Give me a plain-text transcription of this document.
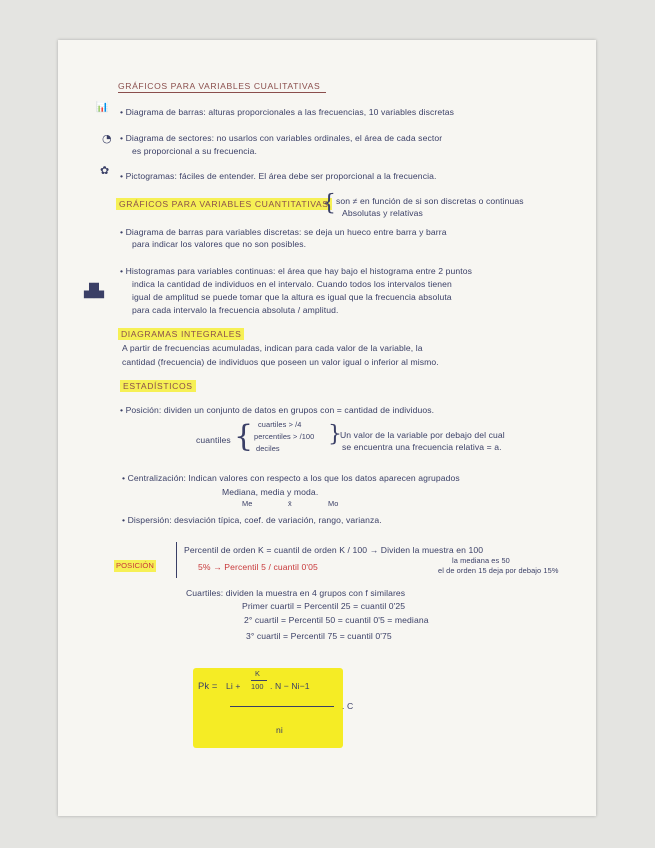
GRÁFICOS PARA VARIABLES CUALITATIVAS
📊 • Diagrama de barras: alturas proporcionales a las frecuencias, 10 variables discretas
◔ • Diagrama de sectores: no usarlos con variables ordinales, el área de cada sector
es proporcional a su frecuencia.
✿ • Pictogramas: fáciles de entender. El área debe ser proporcional a la frecuencia.
GRÁFICOS PARA VARIABLES CUANTITATIVAS
{ son ≠ en función de si son discretas o continuas
Absolutas y relativas
• Diagrama de barras para variables discretas: se deja un hueco entre barra y barra
para indicar los valores que no son posibles.
▟▙
• Histogramas para variables continuas: el área que hay bajo el histograma entre 2 puntos
indica la cantidad de individuos en el intervalo. Cuando todos los intervalos tienen
igual de amplitud se puede tomar que la altura es igual que la frecuencia absoluta
para cada intervalo la frecuencia absoluta / amplitud.
DIAGRAMAS INTEGRALES
A partir de frecuencias acumuladas, indican para cada valor de la variable, la
cantidad (frecuencia) de individuos que poseen un valor igual o inferior al mismo.
ESTADÍSTICOS
• Posición: dividen un conjunto de datos en grupos con = cantidad de individuos.
cuantiles { cuartiles > /4
percentiles > /100
deciles
}
Un valor de la variable por debajo del cual
se encuentra una frecuencia relativa = a.
• Centralización: Indican valores con respecto a los que los datos aparecen agrupados
Mediana, media y moda.
Me	x̄	Mo
• Dispersión: desviación típica, coef. de variación, rango, varianza.
POSICIÓN
Percentil de orden K = cuantil de orden K / 100 → Dividen la muestra en 100
5% → Percentil 5 / cuantil 0'05
la mediana es 50
el de orden 15 deja por debajo 15%
Cuartiles: dividen la muestra en 4 grupos con f similares
Primer cuartil = Percentil 25 = cuantil 0'25
2° cuartil = Percentil 50 = cuantil 0'5 = mediana
3° cuartil = Percentil 75 = cuantil 0'75
Pk = Li +
K
100 . N − Ni−1
. C
ni
